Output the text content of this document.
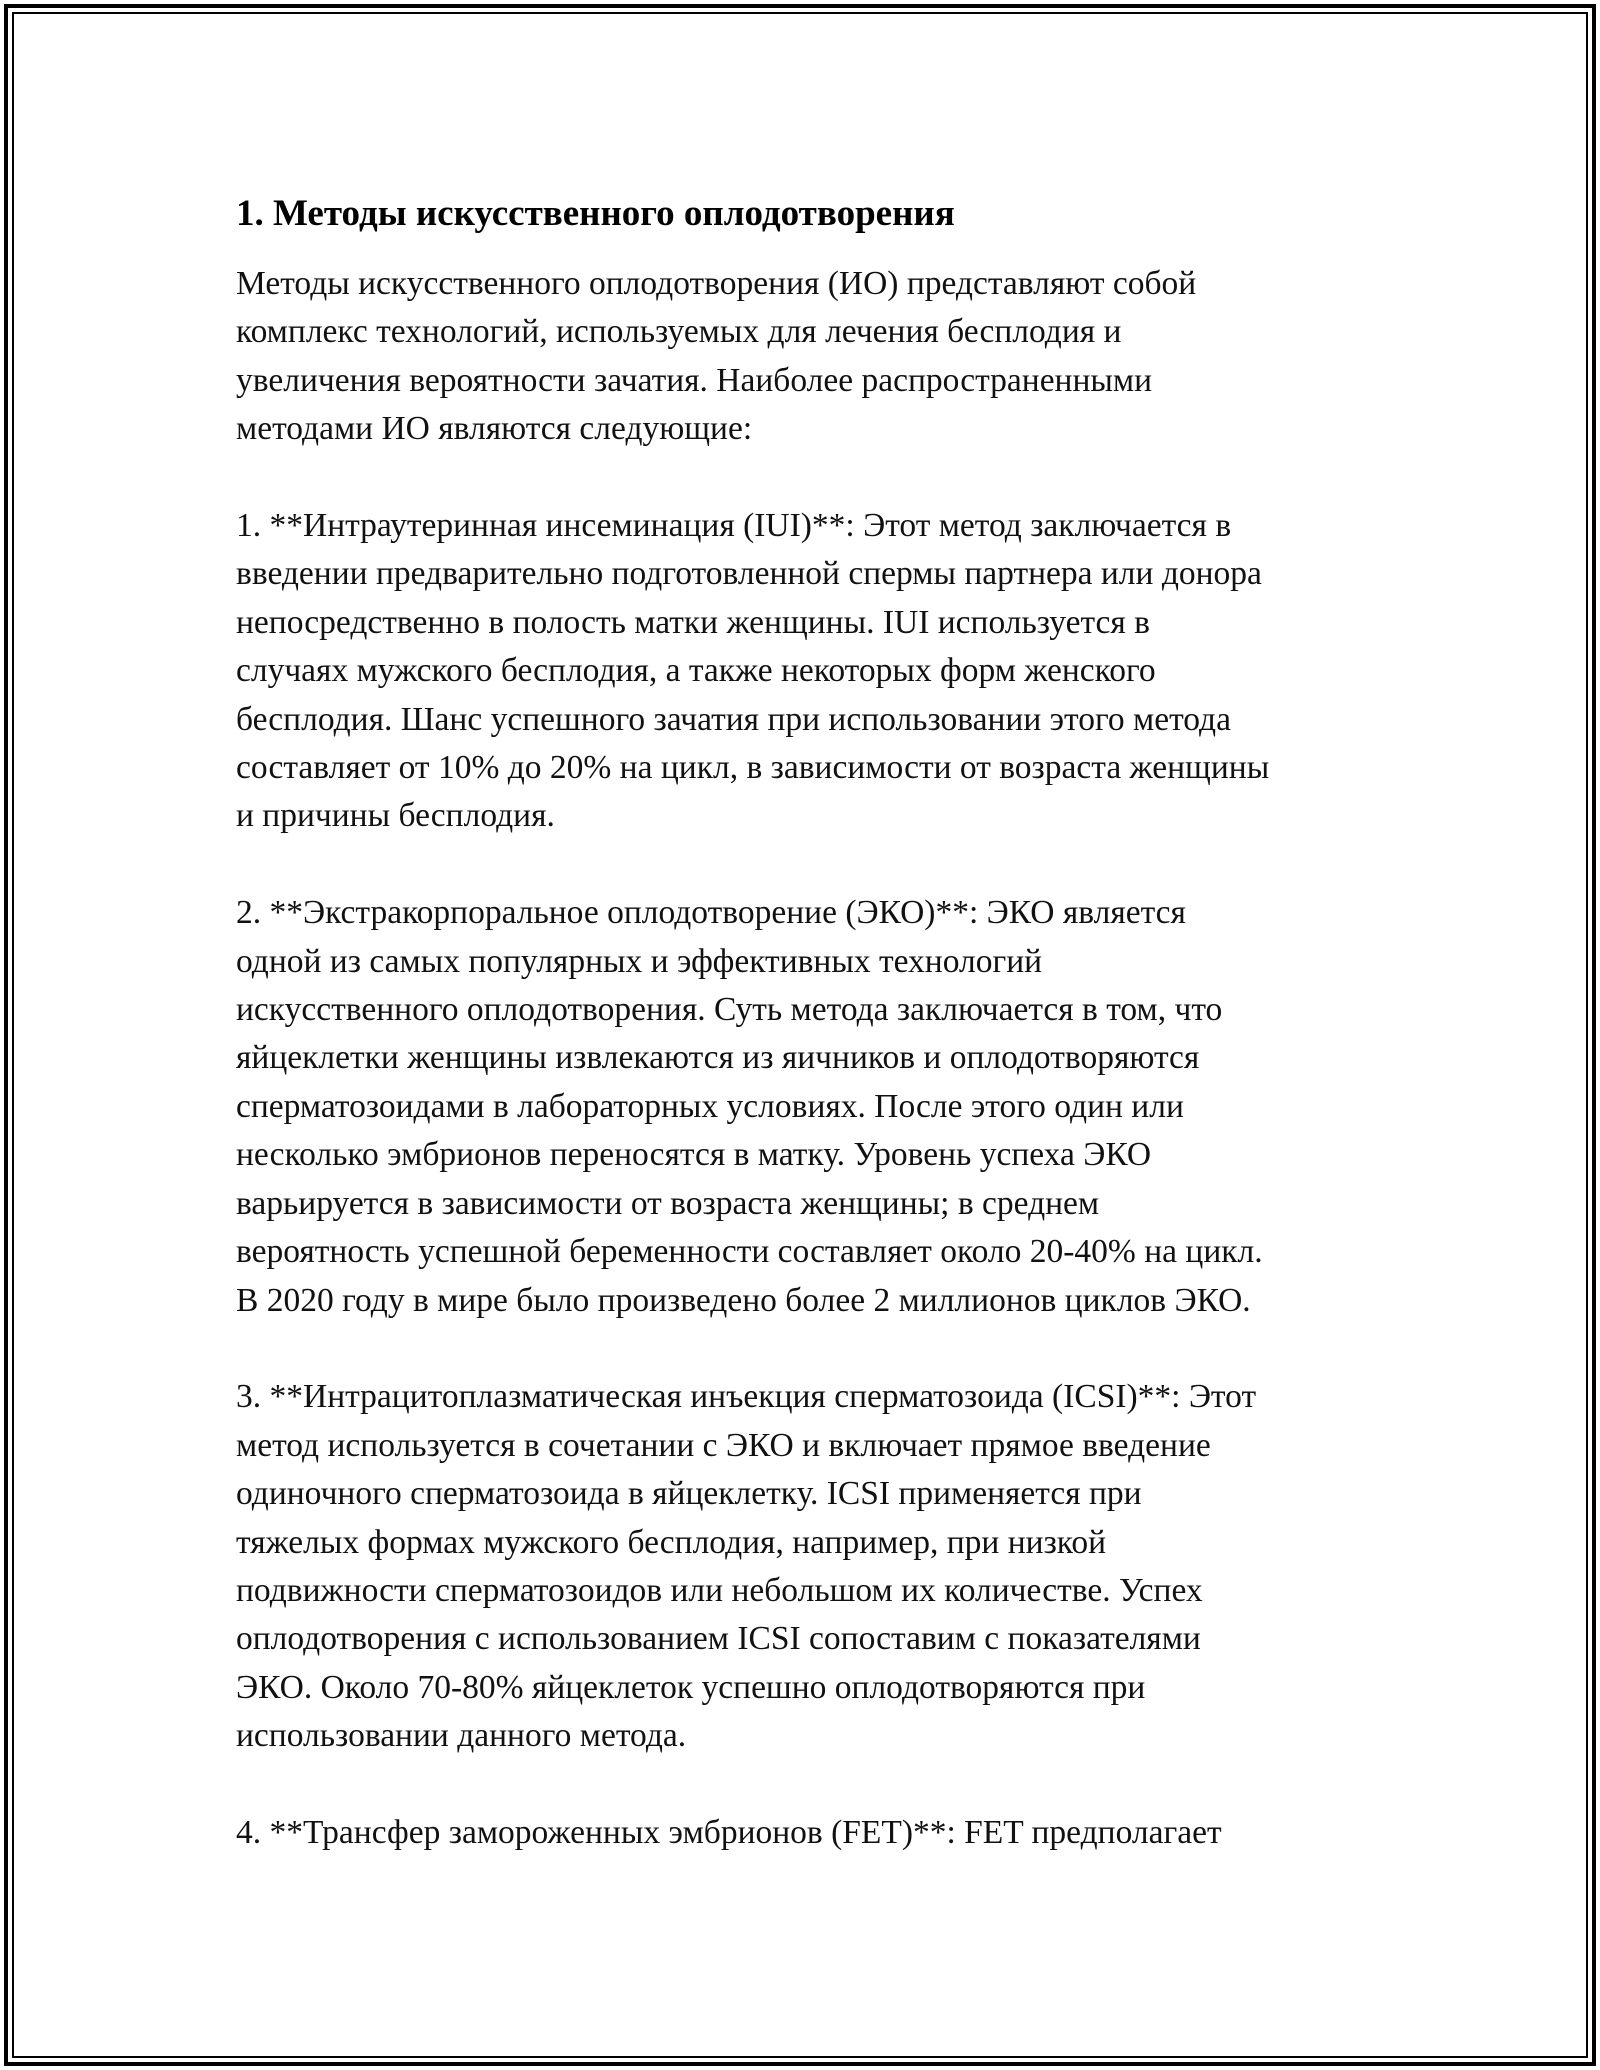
1. Методы искусственного оплодотворения

Методы искусственного оплодотворения (ИО) представляют собой
комплекс технологий, используемых для лечения бесплодия и
увеличения вероятности зачатия. Наиболее распространенными
методами ИО являются следующие:

1. **Интраутеринная инсеминация (IUI)**: Этот метод заключается в
введении предварительно подготовленной спермы партнера или донора
непосредственно в полость матки женщины. IUI используется в
случаях мужского бесплодия, а также некоторых форм женского
бесплодия. Шанс успешного зачатия при использовании этого метода
составляет от 10% до 20% на цикл, в зависимости от возраста женщины
и причины бесплодия.

2. **Экстракорпоральное оплодотворение (ЭКО)**: ЭКО является
одной из самых популярных и эффективных технологий
искусственного оплодотворения. Суть метода заключается в том, что
яйцеклетки женщины извлекаются из яичников и оплодотворяются
сперматозоидами в лабораторных условиях. После этого один или
несколько эмбрионов переносятся в матку. Уровень успеха ЭКО
варьируется в зависимости от возраста женщины; в среднем
вероятность успешной беременности составляет около 20-40% на цикл.
В 2020 году в мире было произведено более 2 миллионов циклов ЭКО.

3. **Интрацитоплазматическая инъекция сперматозоида (ICSI)**: Этот
метод используется в сочетании с ЭКО и включает прямое введение
одиночного сперматозоида в яйцеклетку. ICSI применяется при
тяжелых формах мужского бесплодия, например, при низкой
подвижности сперматозоидов или небольшом их количестве. Успех
оплодотворения с использованием ICSI сопоставим с показателями
ЭКО. Около 70-80% яйцеклеток успешно оплодотворяются при
использовании данного метода.

4. **Трансфер замороженных эмбрионов (FET)**: FET предполагает
